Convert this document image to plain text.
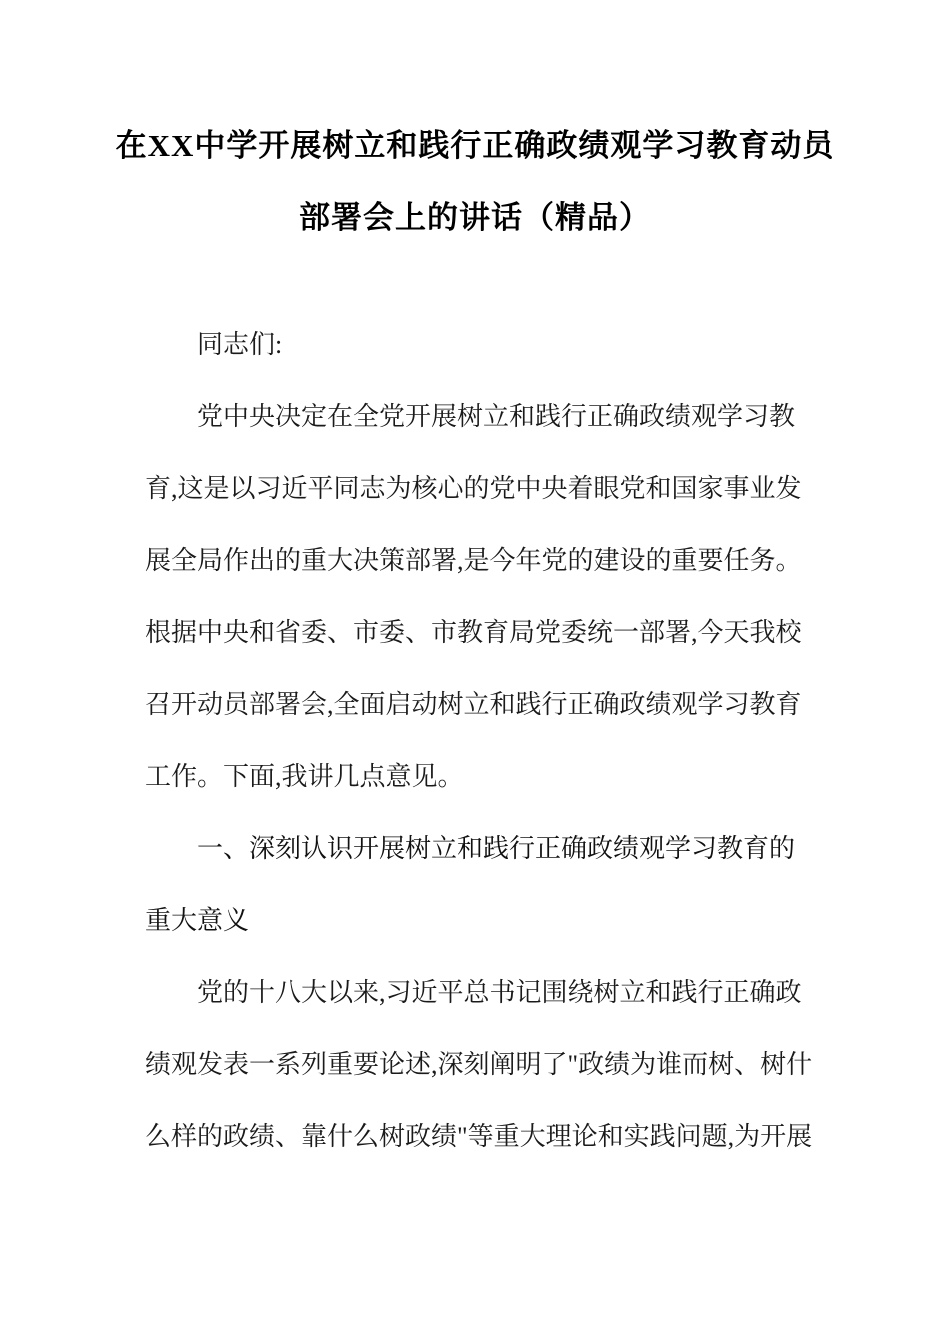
在XX中学开展树立和践行正确政绩观学习教育动员
部署会上的讲话（精品）
同志们:
党中央决定在全党开展树立和践行正确政绩观学习教
育,这是以习近平同志为核心的党中央着眼党和国家事业发
展全局作出的重大决策部署,是今年党的建设的重要任务。
根据中央和省委、市委、市教育局党委统一部署,今天我校
召开动员部署会,全面启动树立和践行正确政绩观学习教育
工作。下面,我讲几点意见。
一、深刻认识开展树立和践行正确政绩观学习教育的
重大意义
党的十八大以来,习近平总书记围绕树立和践行正确政
绩观发表一系列重要论述,深刻阐明了"政绩为谁而树、树什
么样的政绩、靠什么树政绩"等重大理论和实践问题,为开展
